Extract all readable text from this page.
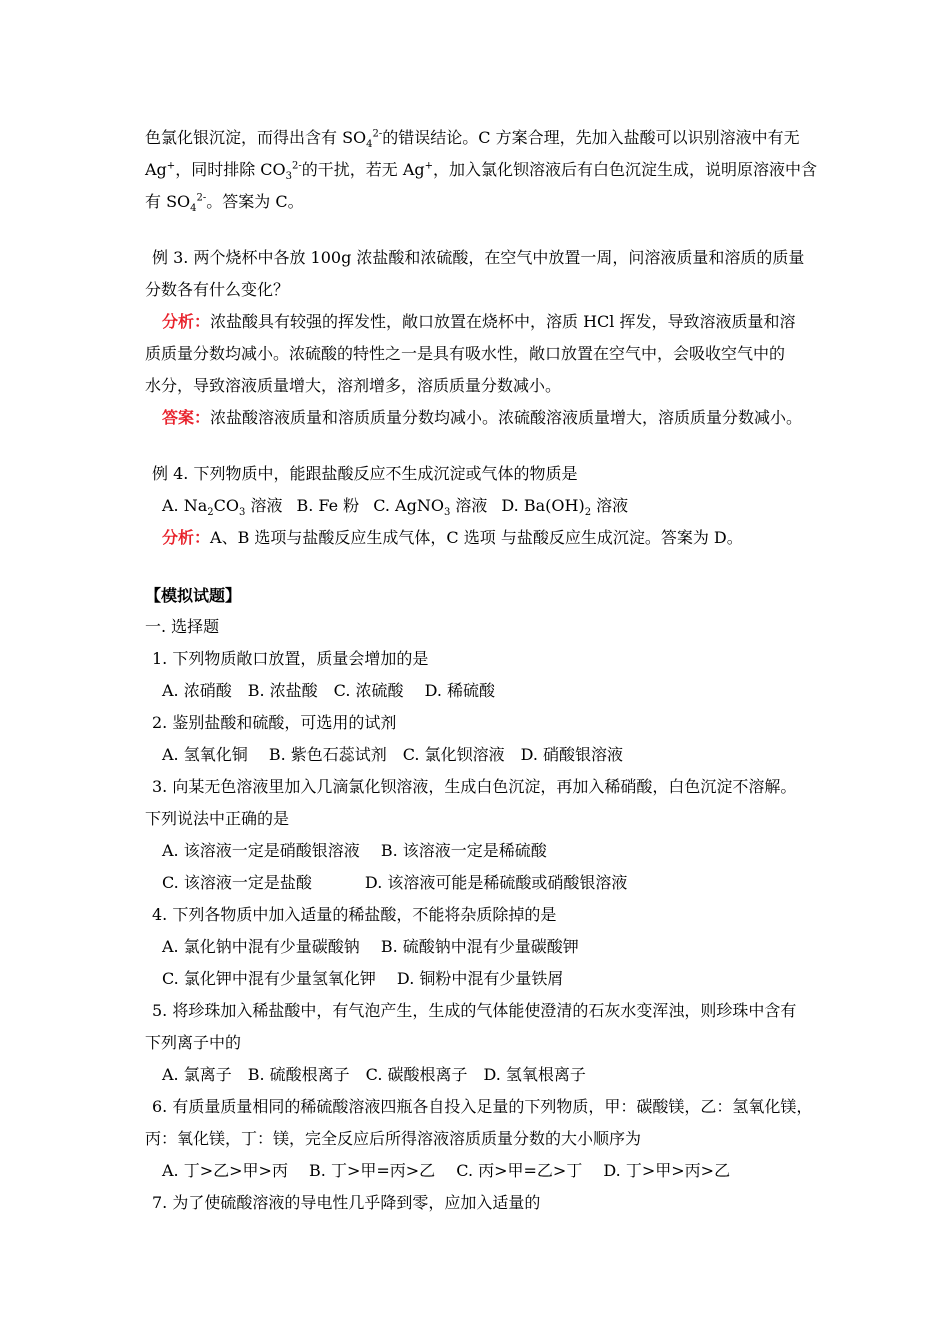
色氯化银沉淀，而得出含有 $SO_4^{2-}$的错误结论。C 方案合理，先加入盐酸可以识别溶液中有无
Ag+，同时排除 $CO_3^{2-}$的干扰，若无 Ag+，加入氯化钡溶液后有白色沉淀生成，说明原溶液中含
有 $SO_4^{2-}$。答案为 C。
例 3. 两个烧杯中各放 100g 浓盐酸和浓硫酸，在空气中放置一周，问溶液质量和溶质的质量
分数各有什么变化？
分析：浓盐酸具有较强的挥发性，敞口放置在烧杯中，溶质 HCl 挥发，导致溶液质量和溶
质质量分数均减小。浓硫酸的特性之一是具有吸水性，敞口放置在空气中，会吸收空气中的
水分，导致溶液质量增大，溶剂增多，溶质质量分数减小。
答案：浓盐酸溶液质量和溶质质量分数均减小。浓硫酸溶液质量增大，溶质质量分数减小。
例 4. 下列物质中，能跟盐酸反应不生成沉淀或气体的物质是
A. $Na_2CO_3$ 溶液 B. Fe 粉 C. AgNO$_3$ 溶液 D. $Ba(OH)_2$ 溶液
分析：A、B 选项与盐酸反应生成气体，C 选项 与盐酸反应生成沉淀。答案为 D。
【模拟试题】
一. 选择题
1. 下列物质敞口放置，质量会增加的是
A. 浓硝酸　B. 浓盐酸　C. 浓硫酸　 D. 稀硫酸
2. 鉴别盐酸和硫酸，可选用的试剂
A. 氢氧化铜　 B. 紫色石蕊试剂　C. 氯化钡溶液　D. 硝酸银溶液
3. 向某无色溶液里加入几滴氯化钡溶液，生成白色沉淀，再加入稀硝酸，白色沉淀不溶解。
下列说法中正确的是
A. 该溶液一定是硝酸银溶液　 B. 该溶液一定是稀硫酸
C. 该溶液一定是盐酸　　　 D. 该溶液可能是稀硫酸或硝酸银溶液
4. 下列各物质中加入适量的稀盐酸，不能将杂质除掉的是
A. 氯化钠中混有少量碳酸钠　 B. 硫酸钠中混有少量碳酸钾
C. 氯化钾中混有少量氢氧化钾　 D. 铜粉中混有少量铁屑
5. 将珍珠加入稀盐酸中，有气泡产生，生成的气体能使澄清的石灰水变浑浊，则珍珠中含有
下列离子中的
A. 氯离子　B. 硫酸根离子　C. 碳酸根离子　D. 氢氧根离子
6. 有质量质量相同的稀硫酸溶液四瓶各自投入足量的下列物质，甲：碳酸镁，乙：氢氧化镁，
丙：氧化镁，丁：镁，完全反应后所得溶液溶质质量分数的大小顺序为
A. 丁>乙>甲>丙　 B. 丁>甲=丙>乙　 C. 丙>甲=乙>丁　 D. 丁>甲>丙>乙
7. 为了使硫酸溶液的导电性几乎降到零，应加入适量的
